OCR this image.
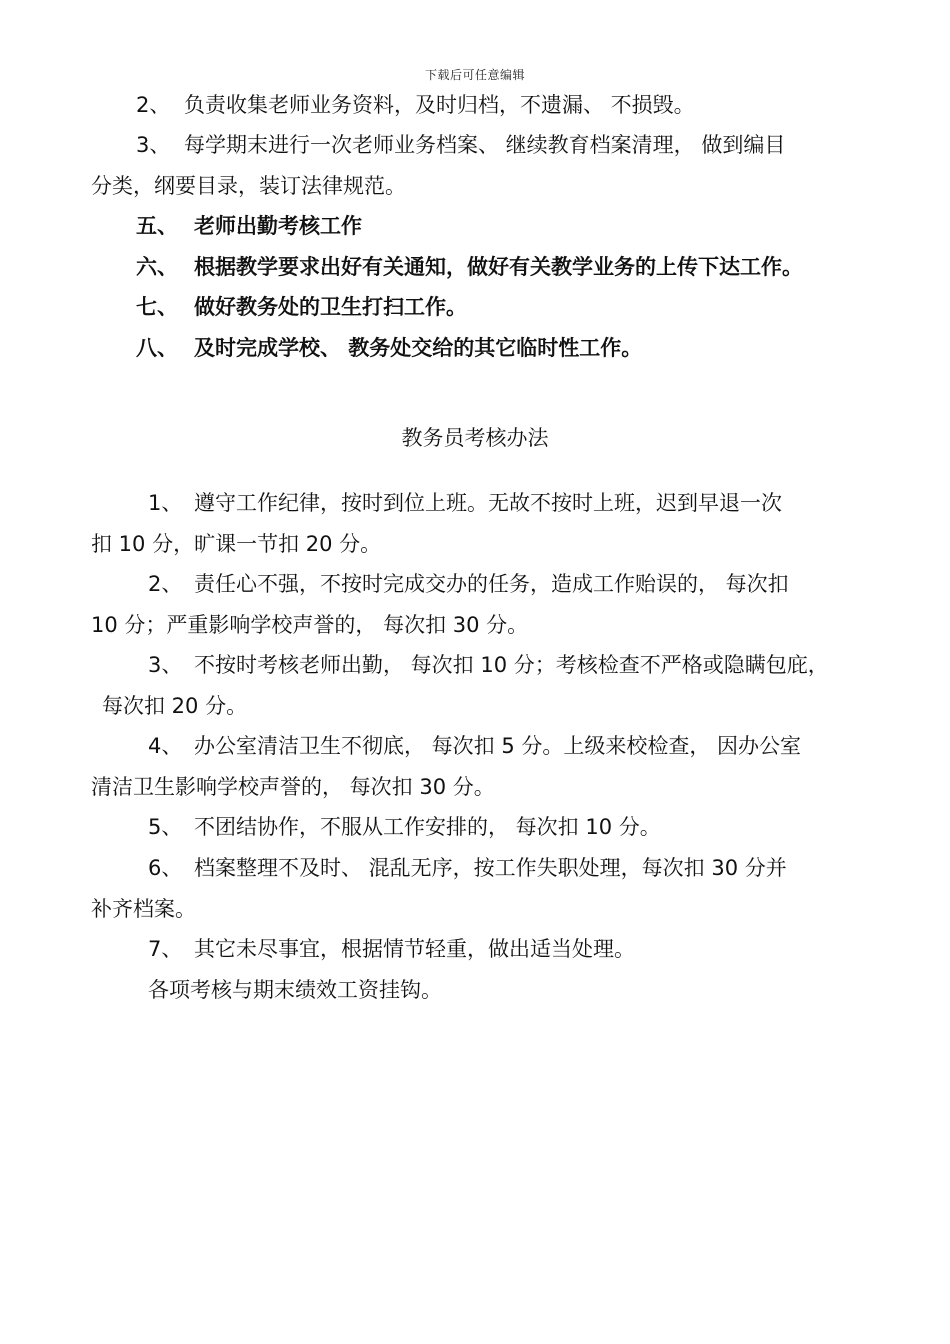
下载后可任意编辑
2、 负责收集老师业务资料，及时归档，不遗漏、 不损毁。
3、 每学期末进行一次老师业务档案、 继续教育档案清理， 做到编目
分类，纲要目录，装订法律规范。
五、 老师出勤考核工作
六、 根据教学要求出好有关通知，做好有关教学业务的上传下达工作。
七、 做好教务处的卫生打扫工作。
八、 及时完成学校、 教务处交给的其它临时性工作。
教务员考核办法
1、 遵守工作纪律，按时到位上班。无故不按时上班，迟到早退一次
扣 10 分，旷课一节扣 20 分。
2、 责任心不强，不按时完成交办的任务，造成工作贻误的， 每次扣
10 分；严重影响学校声誉的， 每次扣 30 分。
3、 不按时考核老师出勤， 每次扣 10 分；考核检查不严格或隐瞒包庇，
每次扣 20 分。
4、 办公室清洁卫生不彻底， 每次扣 5 分。上级来校检查， 因办公室
清洁卫生影响学校声誉的， 每次扣 30 分。
5、 不团结协作，不服从工作安排的， 每次扣 10 分。
6、 档案整理不及时、 混乱无序，按工作失职处理，每次扣 30 分并
补齐档案。
7、 其它未尽事宜，根据情节轻重，做出适当处理。
各项考核与期末绩效工资挂钩。
